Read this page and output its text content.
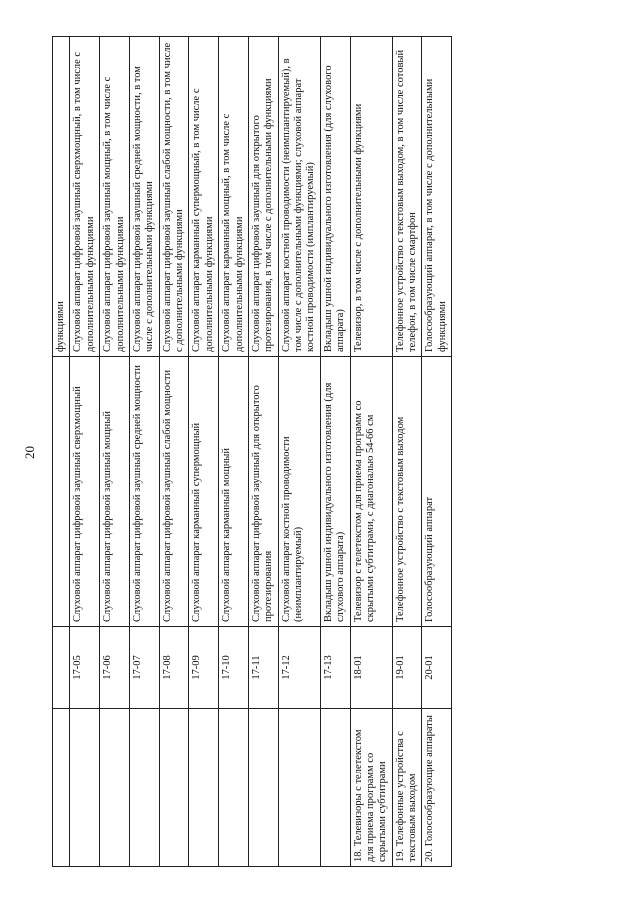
20
			функциями
	17-05	Слуховой аппарат цифровой заушный сверхмощный	Слуховой аппарат цифровой заушный сверхмощный, в том числе с дополнительными функциями
	17-06	Слуховой аппарат цифровой заушный мощный	Слуховой аппарат цифровой заушный мощный, в том числе с дополнительными функциями
	17-07	Слуховой аппарат цифровой заушный средней мощности	Слуховой аппарат цифровой заушный средней мощности, в том числе с дополнительными функциями
	17-08	Слуховой аппарат цифровой заушный слабой мощности	Слуховой аппарат цифровой заушный слабой мощности, в том числе с дополнительными функциями
	17-09	Слуховой аппарат карманный супермощный	Слуховой аппарат карманный супермощный, в том числе с дополнительными функциями
	17-10	Слуховой аппарат карманный мощный	Слуховой аппарат карманный мощный, в том числе с дополнительными функциями
	17-11	Слуховой аппарат цифровой заушный для открытого протезирования	Слуховой аппарат цифровой заушный для открытого протезирования, в том числе с дополнительными функциями
	17-12	Слуховой аппарат костной проводимости (неимплантируемый)	Слуховой аппарат костной проводимости (неимплантируемый), в том числе с дополнительными функциями; слуховой аппарат костной проводимости (имплантируемый)
	17-13	Вкладыш ушной индивидуального изготовления (для слухового аппарата)	Вкладыш ушной индивидуального изготовления (для слухового аппарата)
18. Телевизоры с телетекстом для приема программ со скрытыми субтитрами	18-01	Телевизор с телетекстом для приема программ со скрытыми субтитрами, с диагональю 54-66 см	Телевизор, в том числе с дополнительными функциями
19. Телефонные устройства с текстовым выходом	19-01	Телефонное устройство с текстовым выходом	Телефонное устройство с текстовым выходом, в том числе сотовый телефон, в том числе смартфон
20. Голосообразующие аппараты	20-01	Голосообразующий аппарат	Голосообразующий аппарат, в том числе с дополнительными функциями
